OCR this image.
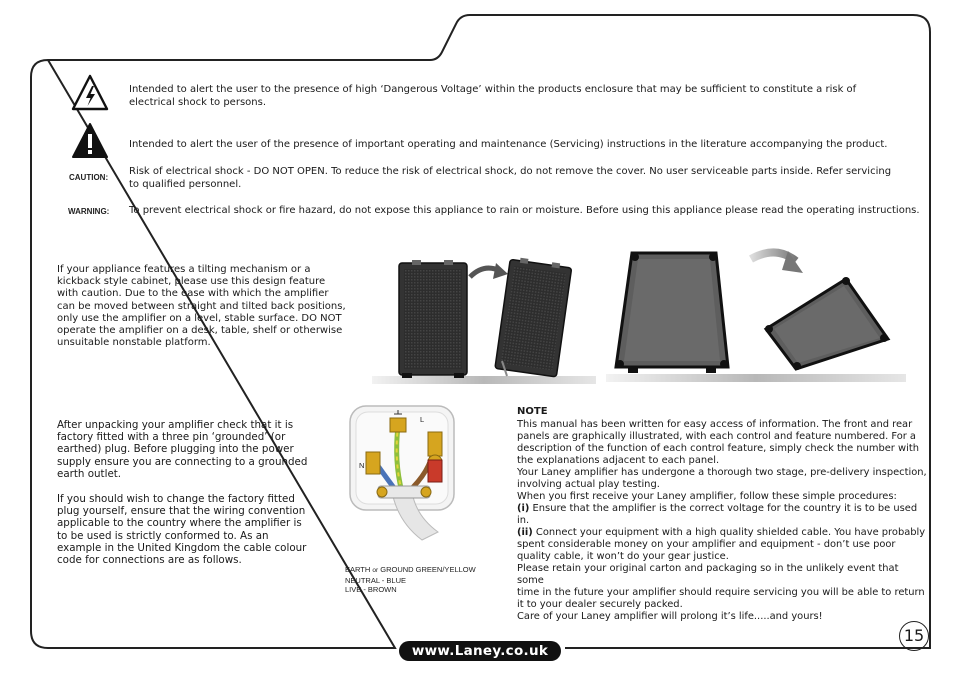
Intended to alert the user to the presence of high ‘Dangerous Voltage’ within the products enclosure that may be sufficient to constitute a risk of electrical shock to persons.
Intended to alert the user of the presence of important operating and maintenance (Servicing) instructions in the literature accompanying the product.
CAUTION:
Risk of electrical shock - DO NOT OPEN. To reduce the risk of electrical shock, do not remove the cover. No user serviceable parts inside. Refer servicing to qualified personnel.
WARNING: To prevent electrical shock or fire hazard, do not expose this appliance to rain or moisture. Before using this appliance please read the operating instructions.
If your appliance features a tilting mechanism or a kickback style cabinet, please use this design feature with caution. Due to the ease with which the amplifier can be moved between straight and tilted back positions, only use the amplifier on a level, stable surface. DO NOT operate the amplifier on a desk, table, shelf or otherwise unsuitable nonstable platform.
After unpacking your amplifier check that it is factory fitted with a three pin ‘grounded’ (or earthed) plug. Before plugging into the power supply ensure you are connecting to a grounded earth outlet.
If you should wish to change the factory fitted plug yourself, ensure that the wiring convention applicable to the country where the amplifier is to be used is strictly conformed to. As an example in the United Kingdom the cable colour code for connections are as follows.
L
N
EARTH or GROUND GREEN/YELLOW
NEUTRAL - BLUE
LIVE - BROWN
NOTE
This manual has been written for easy access of information. The front and rear
panels are graphically illustrated, with each control and feature numbered. For a
description of the function of each control feature, simply check the number with
the explanations adjacent to each panel.
Your Laney amplifier has undergone a thorough two stage, pre-delivery inspection,
involving actual play testing.
When you first receive your Laney amplifier, follow these simple procedures:
(i) Ensure that the amplifier is the correct voltage for the country it is to be used
in.
(ii) Connect your equipment with a high quality shielded cable. You have probably
spent considerable money on your amplifier and equipment - don’t use poor
quality cable, it won’t do your gear justice.
Please retain your original carton and packaging so in the unlikely event that some
time in the future your amplifier should require servicing you will be able to return
it to your dealer securely packed.
Care of your Laney amplifier will prolong it’s life.....and yours!
www.Laney.co.uk
15
